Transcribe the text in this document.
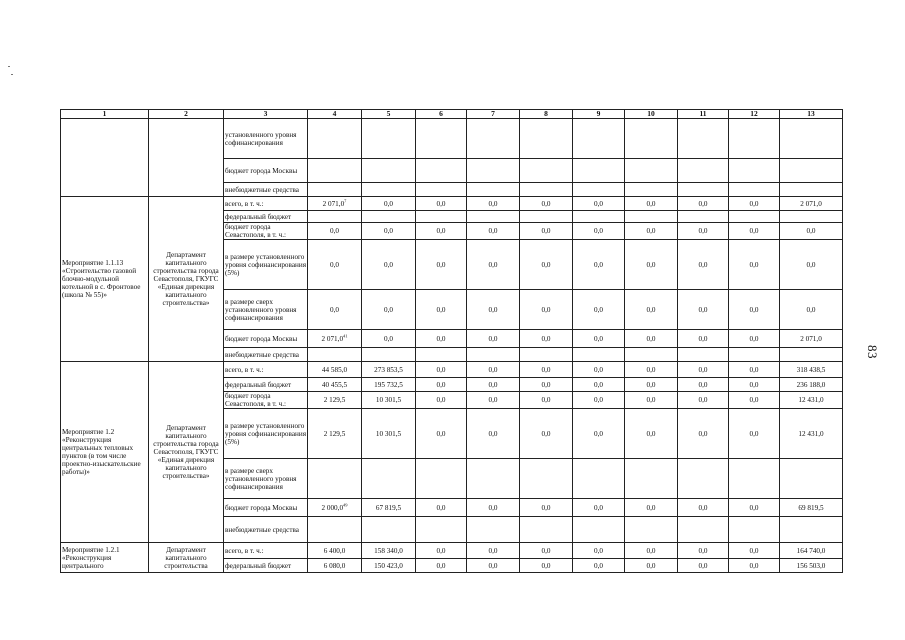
83
1	2	3	4	5	6	7	8	9	10	11	12	13
		установленного уровня софинансирования										
		бюджет города Москвы										
		внебюджетные средства										
Мероприятие 1.1.13 «Строительство газовой блочно-модульной котельной в с. Фронтовое (школа № 55)»	Департамент капитального строительства города Севастополя, ГКУГС «Единая дирекция капитального строительства»	всего, в т. ч.:	2 071,0$^7$	0,0	0,0	0,0	0,0	0,0	0,0	0,0	0,0	2 071,0
		федеральный бюджет										
		бюджет города Севастополя, в т. ч.:	0,0	0,0	0,0	0,0	0,0	0,0	0,0	0,0	0,0	0,0
		в размере установленного уровня софинансирования (5%)	0,0	0,0	0,0	0,0	0,0	0,0	0,0	0,0	0,0	0,0
		в размере сверх установленного уровня софинансирования	0,0	0,0	0,0	0,0	0,0	0,0	0,0	0,0	0,0	0,0
		бюджет города Москвы	2 071,0$^{41}$	0,0	0,0	0,0	0,0	0,0	0,0	0,0	0,0	2 071,0
		внебюджетные средства										
Мероприятие 1.2 «Реконструкция центральных тепловых пунктов (в том числе проектно-изыскательские работы)»	Департамент капитального строительства города Севастополя, ГКУГС «Единая дирекция капитального строительства»	всего, в т. ч.:	44 585,0	273 853,5	0,0	0,0	0,0	0,0	0,0	0,0	0,0	318 438,5
		федеральный бюджет	40 455,5	195 732,5	0,0	0,0	0,0	0,0	0,0	0,0	0,0	236 188,0
		бюджет города Севастополя, в т. ч.:	2 129,5	10 301,5	0,0	0,0	0,0	0,0	0,0	0,0	0,0	12 431,0
		в размере установленного уровня софинансирования (5%)	2 129,5	10 301,5	0,0	0,0	0,0	0,0	0,0	0,0	0,0	12 431,0
		в размере сверх установленного уровня софинансирования										
		бюджет города Москвы	2 000,0$^{49}$	67 819,5	0,0	0,0	0,0	0,0	0,0	0,0	0,0	69 819,5
		внебюджетные средства										
Мероприятие 1.2.1 «Реконструкция центрального	Департамент капитального строительства	всего, в т. ч.:	6 400,0	158 340,0	0,0	0,0	0,0	0,0	0,0	0,0	0,0	164 740,0
		федеральный бюджет	6 080,0	150 423,0	0,0	0,0	0,0	0,0	0,0	0,0	0,0	156 503,0
